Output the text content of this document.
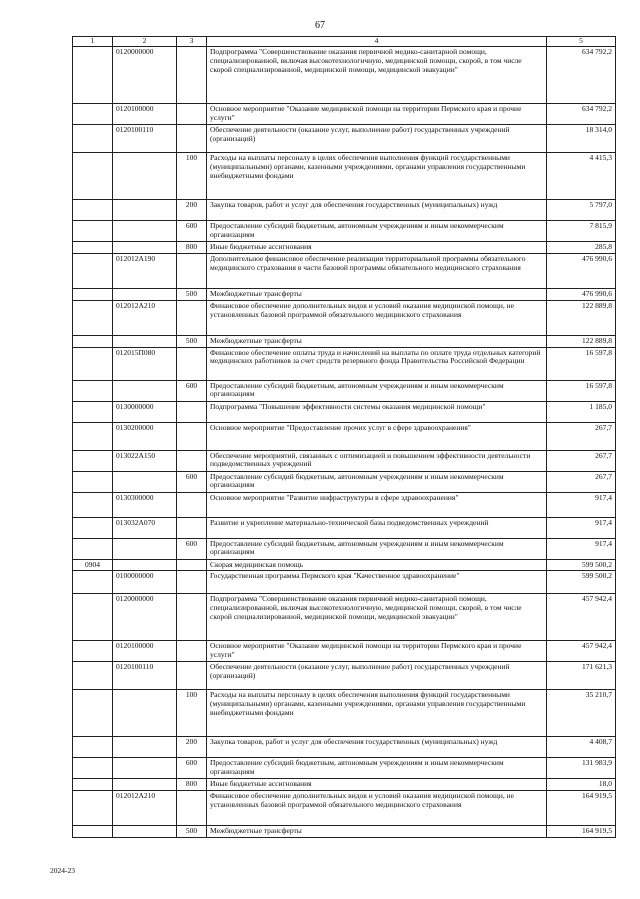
67
1	2	3	4	5
	0120000000		Подпрограмма "Совершенствование оказания первичной медико-санитарной помощи, специализированной, включая высокотехнологичную, медицинской помощи, скорой, в том числе скорой специализированной, медицинской помощи, медицинской эвакуации"	634 792,2
	0120100000		Основное мероприятие "Оказание медицинской помощи на территории Пермского края и прочие услуги"	634 792,2
	0120100110		Обеспечение деятельности (оказание услуг, выполнение работ) государственных учреждений (организаций)	18 314,0
		100	Расходы на выплаты персоналу в целях обеспечения выполнения функций государственными (муниципальными) органами, казенными учреждениями, органами управления государственными внебюджетными фондами	4 415,3
		200	Закупка товаров, работ и услуг для обеспечения государственных (муниципальных) нужд	5 797,0
		600	Предоставление субсидий бюджетным, автономным учреждениям и иным некоммерческим организациям	7 815,9
		800	Иные бюджетные ассигнования	285,8
	012012А190		Дополнительное финансовое обеспечение реализации территориальной программы обязательного медицинского страхования в части базовой программы обязательного медицинского страхования	476 990,6
		500	Межбюджетные трансферты	476 990,6
	012012А210		Финансовое обеспечение дополнительных видов и условий оказания медицинской помощи, не установленных базовой программой обязательного медицинского страхования	122 889,8
		500	Межбюджетные трансферты	122 889,8
	012015П080		Финансовое обеспечение оплаты труда и начислений на выплаты по оплате труда отдельных категорий медицинских работников за счет средств резервного фонда Правительства Российской Федерации	16 597,8
		600	Предоставление субсидий бюджетным, автономным учреждениям и иным некоммерческим организациям	16 597,8
	0130000000		Подпрограмма "Повышение эффективности системы оказания медицинской помощи"	1 185,0
	0130200000		Основное мероприятие "Предоставление прочих услуг в сфере здравоохранения"	267,7
	013022А150		Обеспечение мероприятий, связанных с оптимизацией и повышением эффективности деятельности подведомственных учреждений	267,7
		600	Предоставление субсидий бюджетным, автономным учреждениям и иным некоммерческим организациям	267,7
	0130300000		Основное мероприятие "Развитие инфраструктуры в сфере здравоохранения"	917,4
	013032А070		Развитие и укрепление материально-технической базы подведомственных учреждений	917,4
		600	Предоставление субсидий бюджетным, автономным учреждениям и иным некоммерческим организациям	917,4
0904			Скорая медицинская помощь	599 500,2
	0100000000		Государственная программа Пермского края "Качественное здравоохранение"	599 500,2
	0120000000		Подпрограмма "Совершенствование оказания первичной медико-санитарной помощи, специализированной, включая высокотехнологичную, медицинской помощи, скорой, в том числе скорой специализированной, медицинской помощи, медицинской эвакуации"	457 942,4
	0120100000		Основное мероприятие "Оказание медицинской помощи на территории Пермского края и прочие услуги"	457 942,4
	0120100110		Обеспечение деятельности (оказание услуг, выполнение работ) государственных учреждений (организаций)	171 621,3
		100	Расходы на выплаты персоналу в целях обеспечения выполнения функций государственными (муниципальными) органами, казенными учреждениями, органами управления государственными внебюджетными фондами	35 210,7
		200	Закупка товаров, работ и услуг для обеспечения государственных (муниципальных) нужд	4 408,7
		600	Предоставление субсидий бюджетным, автономным учреждениям и иным некоммерческим организациям	131 983,9
		800	Иные бюджетные ассигнования	18,0
	012012А210		Финансовое обеспечение дополнительных видов и условий оказания медицинской помощи, не установленных базовой программой обязательного медицинского страхования	164 919,5
		500	Межбюджетные трансферты	164 919,5
2024-23
